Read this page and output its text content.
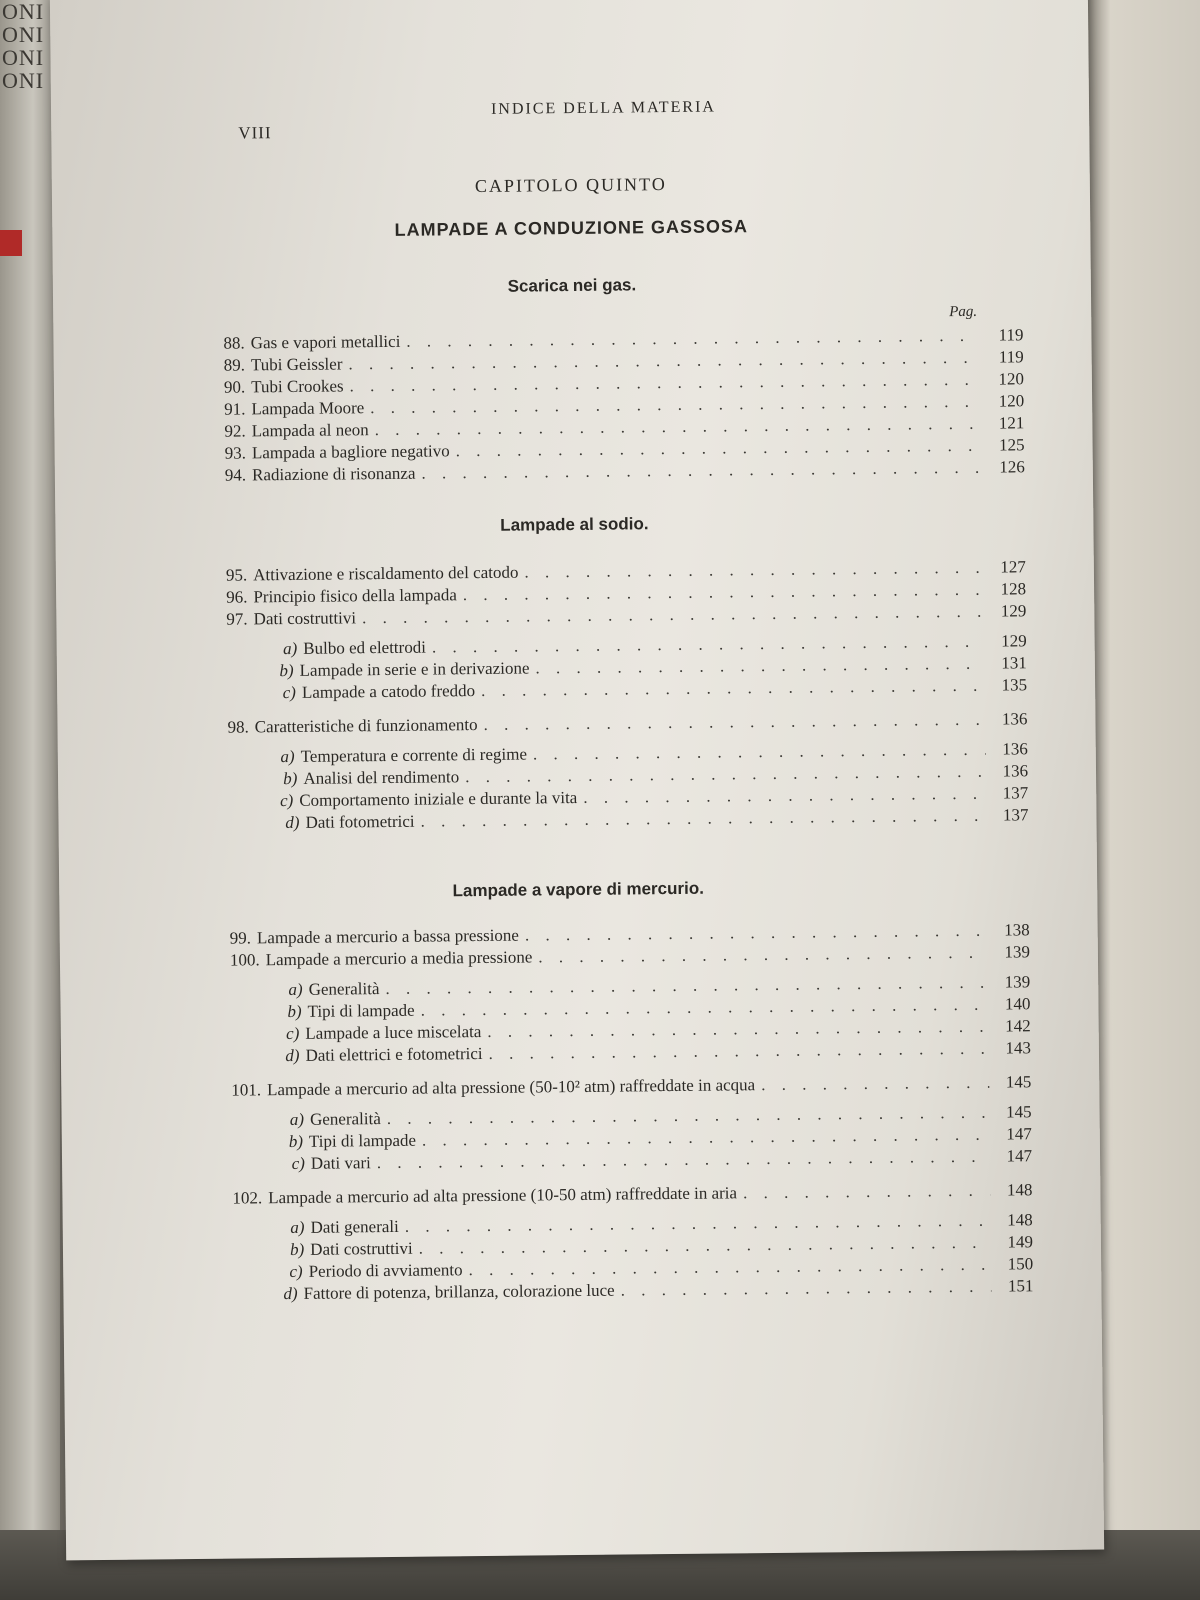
ONI
ONI
ONI
ONI
VIII
INDICE DELLA MATERIA
CAPITOLO QUINTO
LAMPADE A CONDUZIONE GASSOSA
Pag.

Scarica nei gas.

88. Gas e vapori metallici . . .	119
89. Tubi Geissler . . .	119
90. Tubi Crookes . . .	120
91. Lampada Moore . . .	120
92. Lampada al neon . . .	121
93. Lampada a bagliore negativo . . .	125
94. Radiazione di risonanza . . .	126

Lampade al sodio.

95. Attivazione e riscaldamento del catodo . . .	127
96. Principio fisico della lampada . . .	128
97. Dati costruttivi . . .	129
a) Bulbo ed elettrodi . . .	129
b) Lampade in serie e in derivazione . . .	131
c) Lampade a catodo freddo . . .	135
98. Caratteristiche di funzionamento . . .	136
a) Temperatura e corrente di regime . . .	136
b) Analisi del rendimento . . .	136
c) Comportamento iniziale e durante la vita . . .	137
d) Dati fotometrici . . .	137

Lampade a vapore di mercurio.

99. Lampade a mercurio a bassa pressione . . .	138
100. Lampade a mercurio a media pressione . . .	139
a) Generalità . . .	139
b) Tipi di lampade . . .	140
c) Lampade a luce miscelata . . .	142
d) Dati elettrici e fotometrici . . .	143
101. Lampade a mercurio ad alta pressione (50-10² atm) raffreddate in acqua . . .	145
a) Generalità . . .	145
b) Tipi di lampade . . .	147
c) Dati vari . . .	147
102. Lampade a mercurio ad alta pressione (10-50 atm) raffreddate in aria . . .	148
a) Dati generali . . .	148
b) Dati costruttivi . . .	149
c) Periodo di avviamento . . .	150
d) Fattore di potenza, brillanza, colorazione luce . . .	151
